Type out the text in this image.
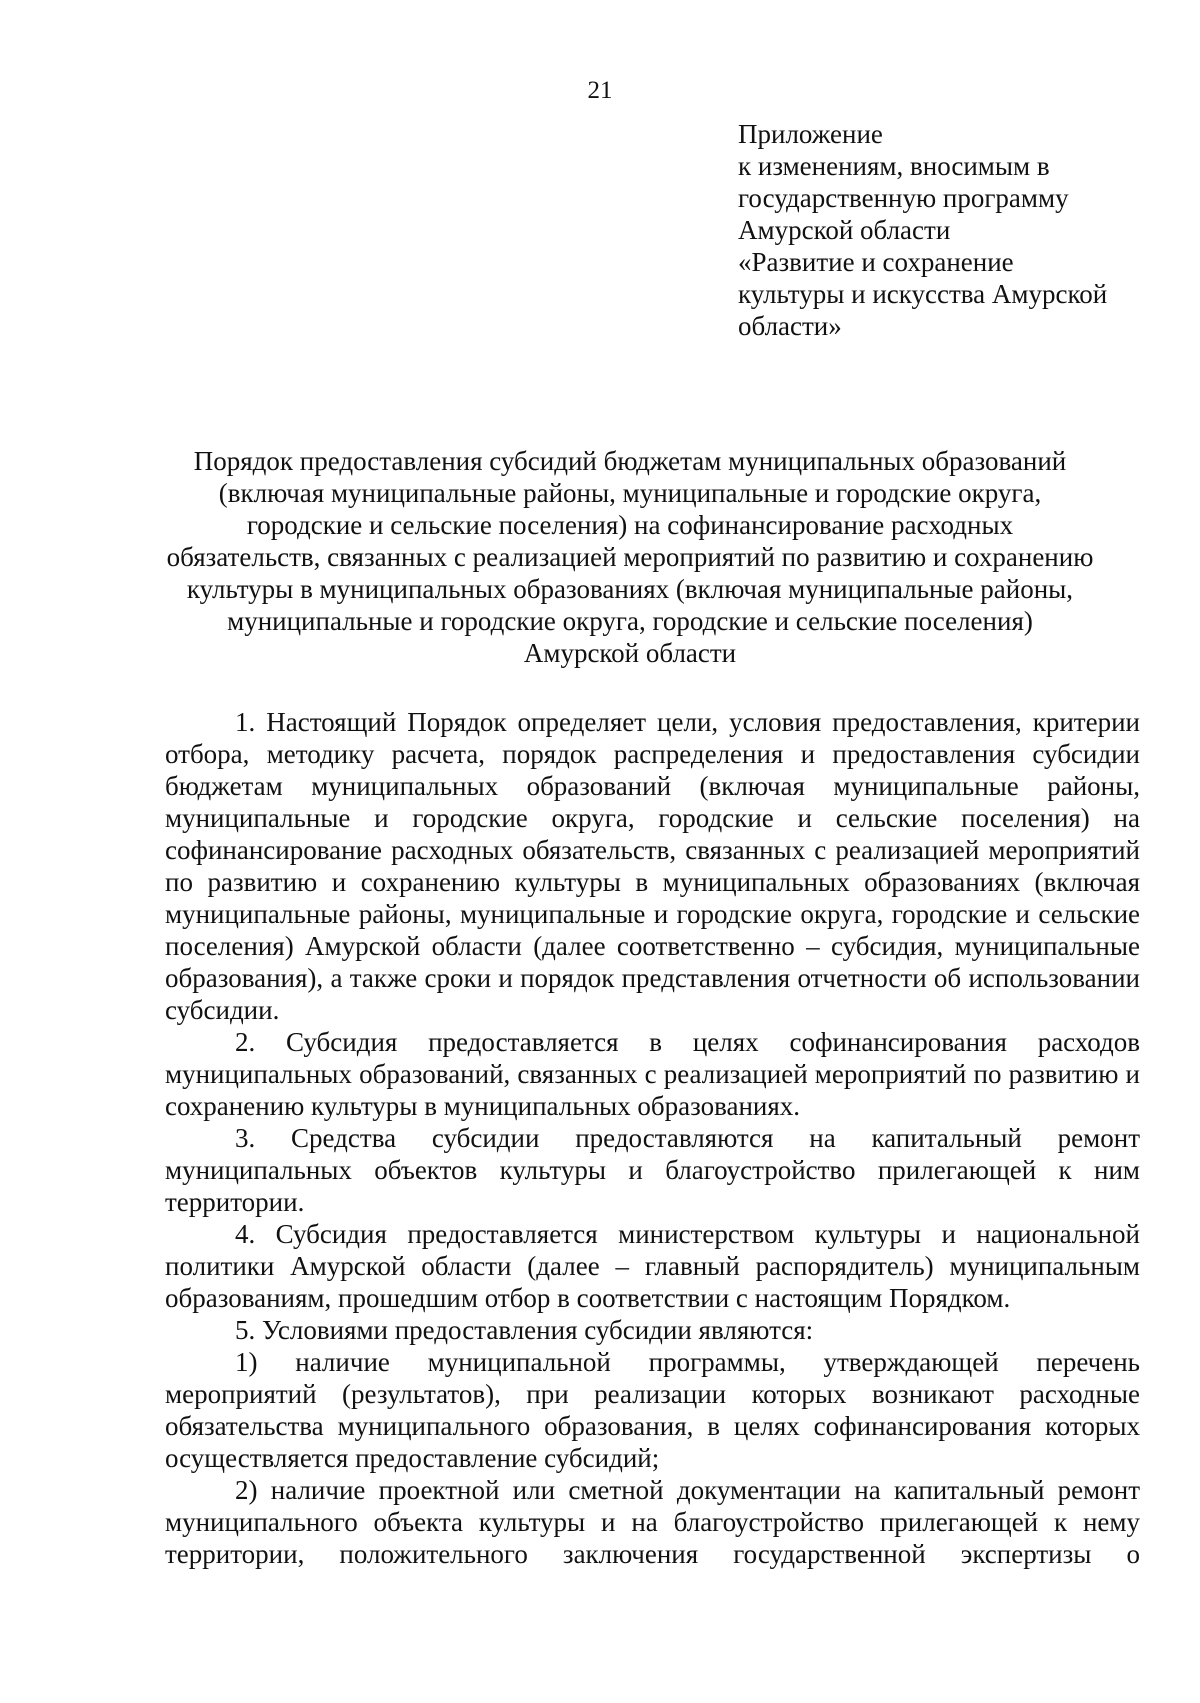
21
Приложение
к изменениям, вносимым в
государственную программу
Амурской области
«Развитие и сохранение
культуры и искусства Амурской
области»
Порядок предоставления субсидий бюджетам муниципальных образований
(включая муниципальные районы, муниципальные и городские округа,
городские и сельские поселения) на софинансирование расходных
обязательств, связанных с реализацией мероприятий по развитию и сохранению
культуры в муниципальных образованиях (включая муниципальные районы,
муниципальные и городские округа, городские и сельские поселения)
Амурской области

1. Настоящий Порядок определяет цели, условия предоставления, критерии отбора, методику расчета, порядок распределения и предоставления субсидии бюджетам муниципальных образований (включая муниципальные районы, муниципальные и городские округа, городские и сельские поселения) на софинансирование расходных обязательств, связанных с реализацией мероприятий по развитию и сохранению культуры в муниципальных образованиях (включая муниципальные районы, муниципальные и городские округа, городские и сельские поселения) Амурской области (далее соответственно – субсидия, муниципальные образования), а также сроки и порядок представления отчетности об использовании субсидии.

2. Субсидия предоставляется в целях софинансирования расходов муниципальных образований, связанных с реализацией мероприятий по развитию и сохранению культуры в муниципальных образованиях.

3. Средства субсидии предоставляются на капитальный ремонт муниципальных объектов культуры и благоустройство прилегающей к ним территории.

4. Субсидия предоставляется министерством культуры и национальной политики Амурской области (далее – главный распорядитель) муниципальным образованиям, прошедшим отбор в соответствии с настоящим Порядком.

5. Условиями предоставления субсидии являются:

1) наличие муниципальной программы, утверждающей перечень мероприятий (результатов), при реализации которых возникают расходные обязательства муниципального образования, в целях софинансирования которых осуществляется предоставление субсидий;

2) наличие проектной или сметной документации на капитальный ремонт муниципального объекта культуры и на благоустройство прилегающей к нему территории, положительного заключения государственной экспертизы о
